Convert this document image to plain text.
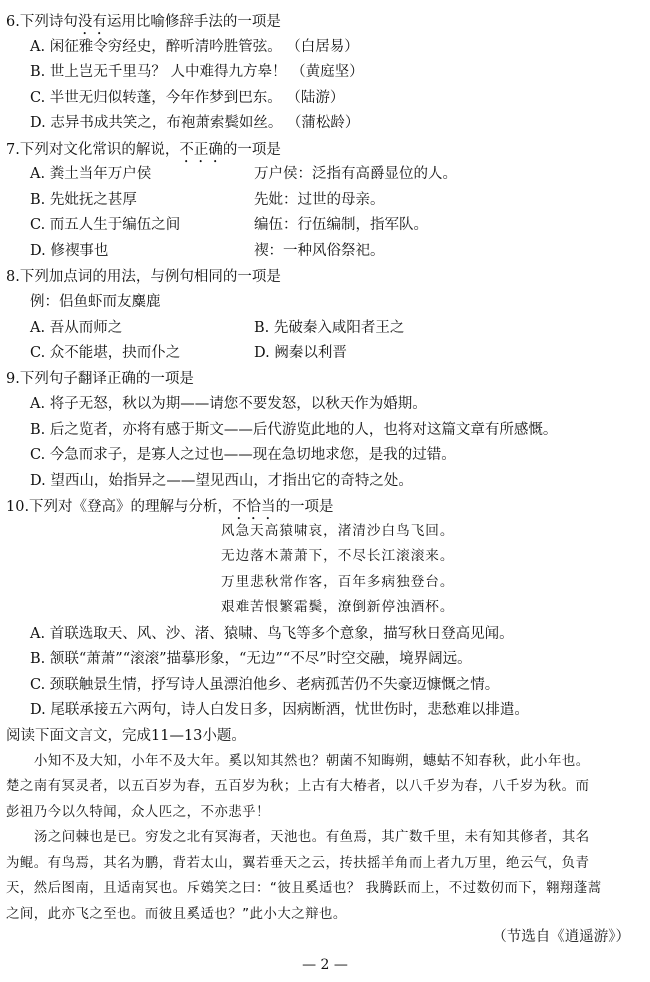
6.下列诗句没有运用比喻修辞手法的一项是
A. 闲征雅令穷经史，醉听清吟胜管弦。 （白居易）
B. 世上岂无千里马？ 人中难得九方皋！ （黄庭坚）
C. 半世无归似转蓬，今年作梦到巴东。 （陆游）
D. 志异书成共笑之，布袍萧索鬓如丝。 （蒲松龄）
7.下列对文化常识的解说，不正确的一项是
A. 粪土当年万户侯	万户侯：泛指有高爵显位的人。
B. 先妣抚之甚厚	先妣：过世的母亲。
C. 而五人生于编伍之间	编伍：行伍编制，指军队。
D. 修禊事也	禊：一种风俗祭祀。
8.下列加点词的用法，与例句相同的一项是
例：侣鱼虾而友麋鹿
A. 吾从而师之	B. 先破秦入咸阳者王之
C. 众不能堪，抉而仆之	D. 阙秦以利晋
9.下列句子翻译正确的一项是
A. 将子无怒，秋以为期——请您不要发怒，以秋天作为婚期。
B. 后之览者，亦将有感于斯文——后代游览此地的人，也将对这篇文章有所感慨。
C. 今急而求子，是寡人之过也——现在急切地求您，是我的过错。
D. 望西山，始指异之——望见西山，才指出它的奇特之处。
10.下列对《登高》的理解与分析，不恰当的一项是
风急天高猿啸哀，渚清沙白鸟飞回。
无边落木萧萧下，不尽长江滚滚来。
万里悲秋常作客，百年多病独登台。
艰难苦恨繁霜鬓，潦倒新停浊酒杯。
A. 首联选取天、风、沙、渚、猿啸、鸟飞等多个意象，描写秋日登高见闻。
B. 颔联“萧萧”“滚滚”描摹形象，“无边”“不尽”时空交融，境界阔远。
C. 颈联触景生情，抒写诗人虽漂泊他乡、老病孤苦仍不失豪迈慷慨之情。
D. 尾联承接五六两句，诗人白发日多，因病断酒，忧世伤时，悲愁难以排遣。
阅读下面文言文，完成11—13小题。
小知不及大知，小年不及大年。奚以知其然也？朝菌不知晦朔，蟪蛄不知春秋，此小年也。
楚之南有冥灵者，以五百岁为春，五百岁为秋；上古有大椿者，以八千岁为春，八千岁为秋。而
彭祖乃今以久特闻，众人匹之，不亦悲乎！
汤之问棘也是已。穷发之北有冥海者，天池也。有鱼焉，其广数千里，未有知其修者，其名
为鲲。有鸟焉，其名为鹏，背若太山，翼若垂天之云，抟扶摇羊角而上者九万里，绝云气，负青
天，然后图南，且适南冥也。斥鴳笑之曰：“彼且奚适也？ 我腾跃而上，不过数仞而下，翱翔蓬蒿
之间，此亦飞之至也。而彼且奚适也？”此小大之辩也。
（节选自《逍遥游》）
— 2 —
